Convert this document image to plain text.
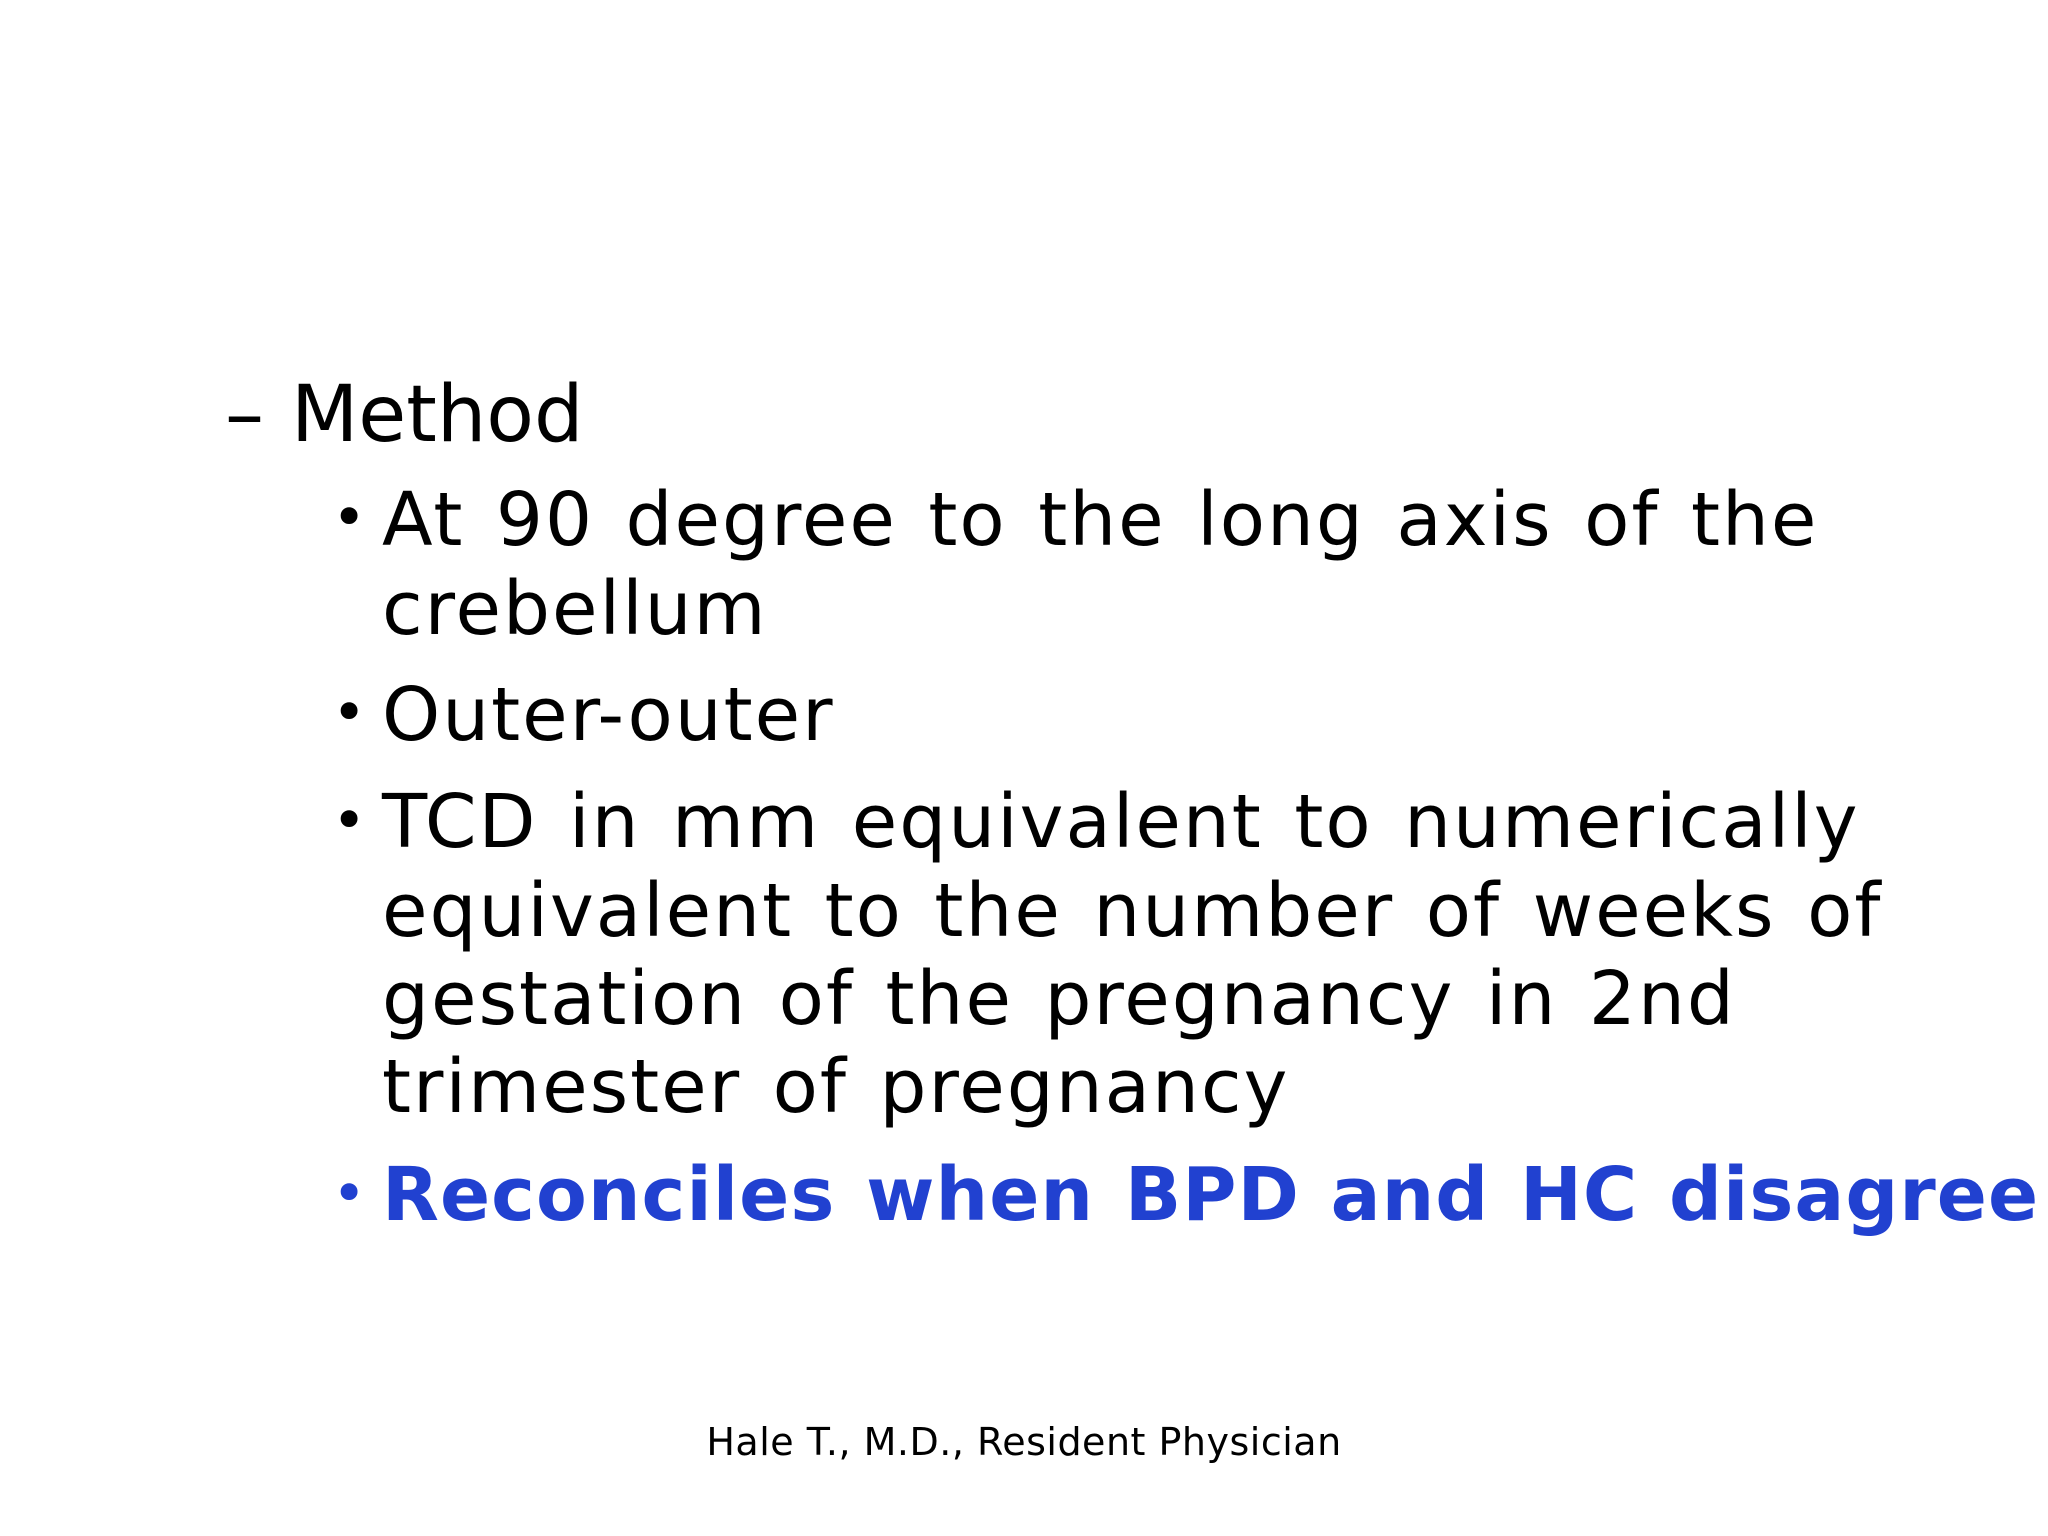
– Method
• At 90 degree to the long axis of the
crebellum
• Outer-outer
• TCD in mm equivalent to numerically
equivalent to the number of weeks of
gestation of the pregnancy in 2nd
trimester of pregnancy
• Reconciles when BPD and HC disagree
Hale T., M.D., Resident Physician
